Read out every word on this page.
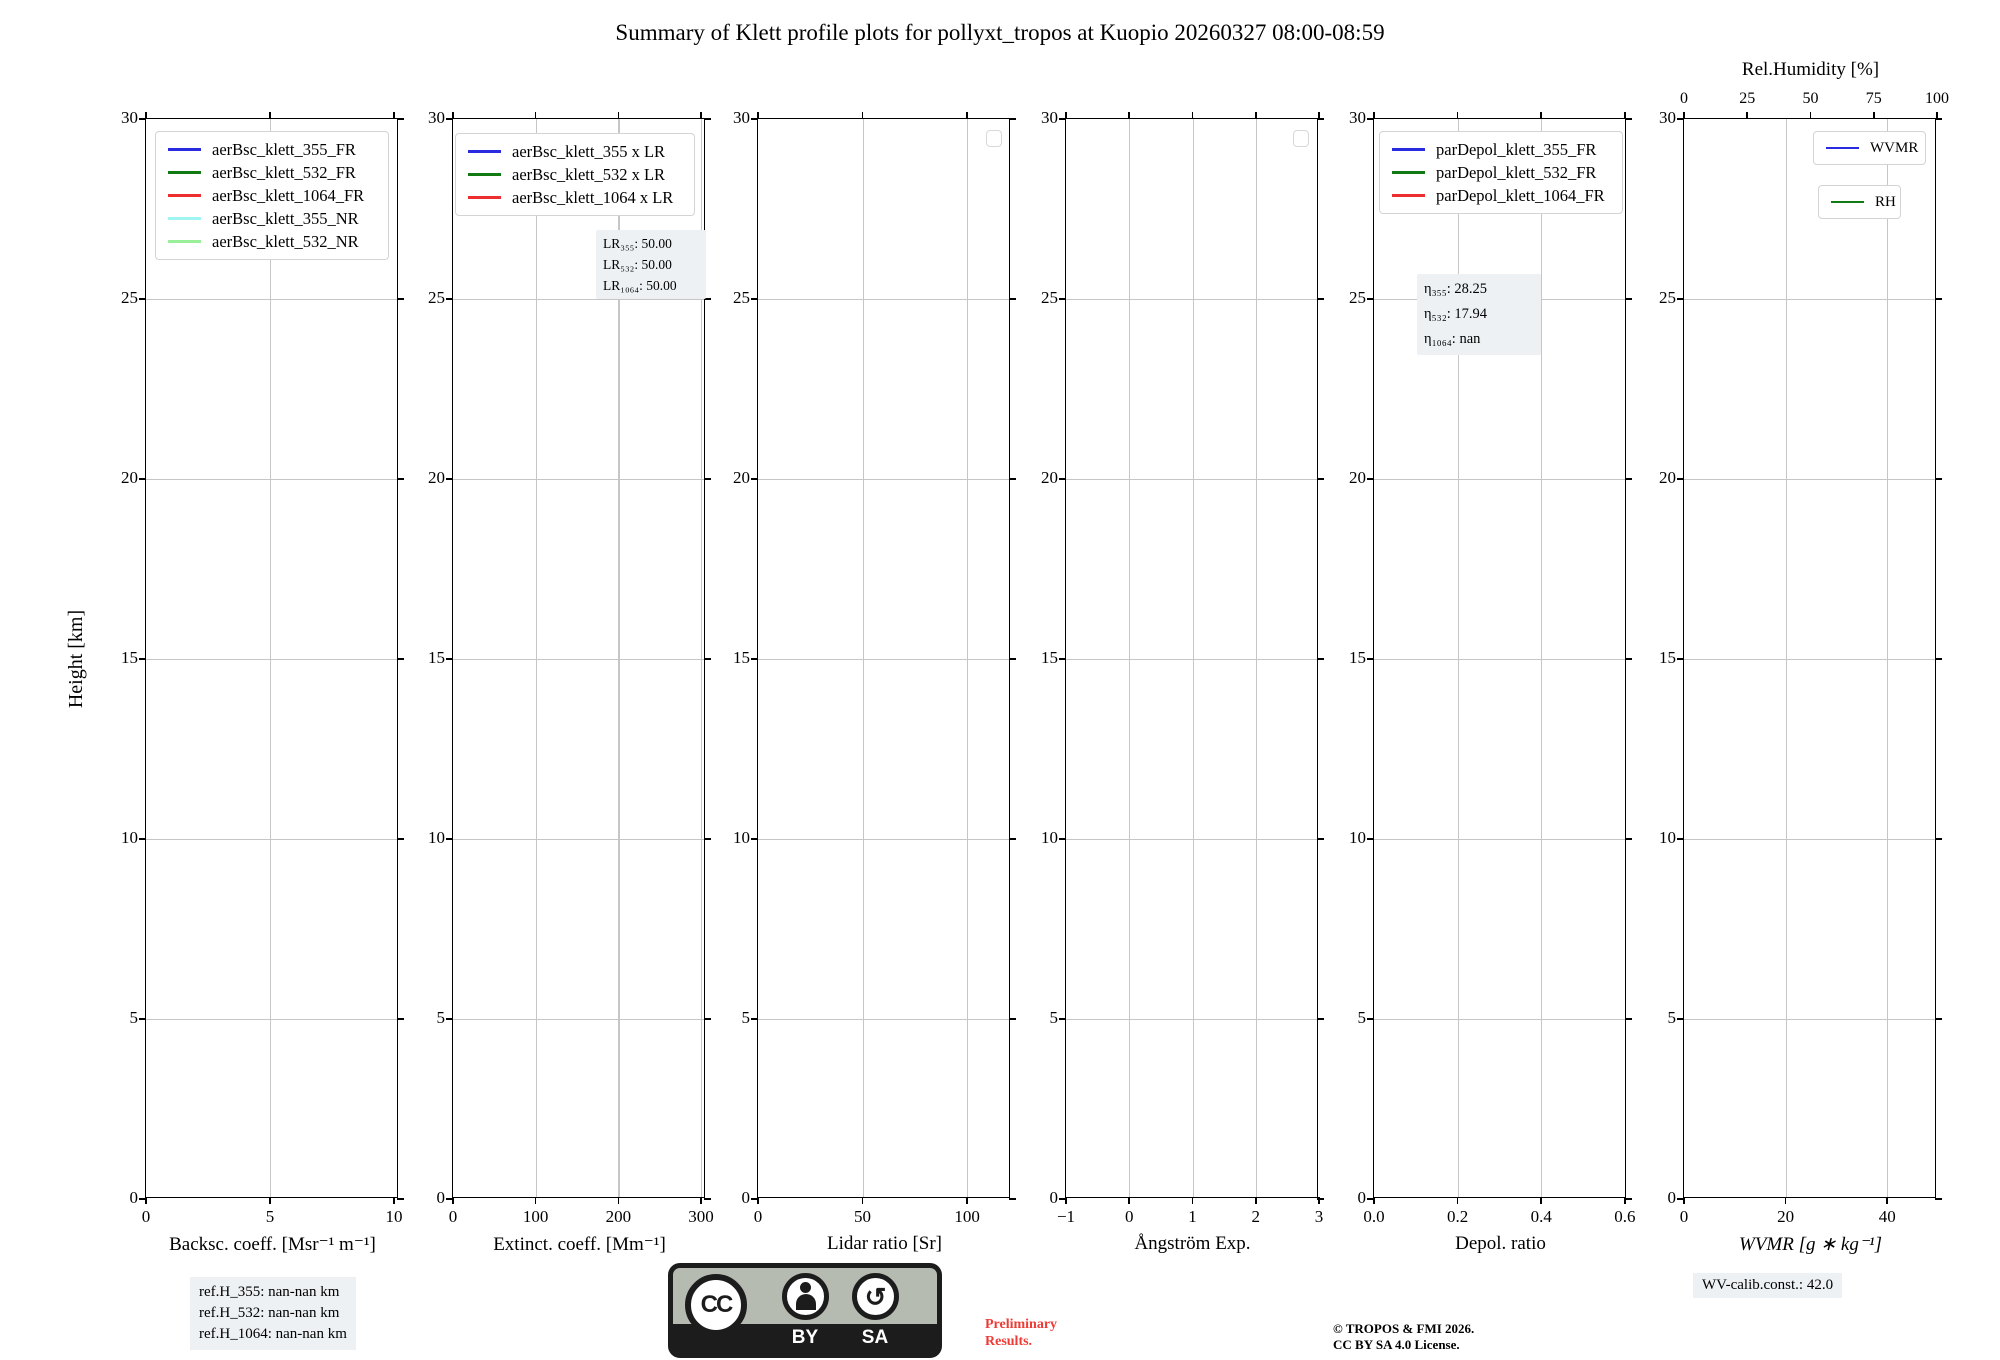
Summary of Klett profile plots for pollyxt_tropos at Kuopio 20260327 08:00-08:59
Height [km]
ref.H_355: nan-nan km
ref.H_532: nan-nan km
ref.H_1064: nan-nan km	BY	SA
CC	↺
Preliminary
Results.
© TROPOS & FMI 2026.
CC BY SA 4.0 License.
WV-calib.const.: 42.0
0	5	10
0
5
10
15
20
25
30
Backsc. coeff. [Msr⁻¹ m⁻¹]
aerBsc_klett_355_FR
aerBsc_klett_532_FR
aerBsc_klett_1064_FR
aerBsc_klett_355_NR
aerBsc_klett_532_NR
0	100	200	300
0
5
10
15
20
25
30
Extinct. coeff. [Mm⁻¹]
aerBsc_klett_355 x LR
aerBsc_klett_532 x LR
aerBsc_klett_1064 x LR
LR₃₅₅: 50.00
LR₅₃₂: 50.00
LR₁₀₆₄: 50.00
0	50	100
0
5
10
15
20
25
30
Lidar ratio [Sr]
−1	0	1	2	3
0
5
10
15
20
25
30
Ångström Exp.
0.0	0.2	0.4	0.6
0
5
10
15
20
25
30
Depol. ratio
parDepol_klett_355_FR
parDepol_klett_532_FR
parDepol_klett_1064_FR
η₃₅₅: 28.25
η₅₃₂: 17.94
η₁₀₆₄: nan
0	20	40
0	25	50	75	100
Rel.Humidity [%]
0
5
10
15
20
25
30
WVMR [g ∗ kg⁻¹]
WVMR
RH
